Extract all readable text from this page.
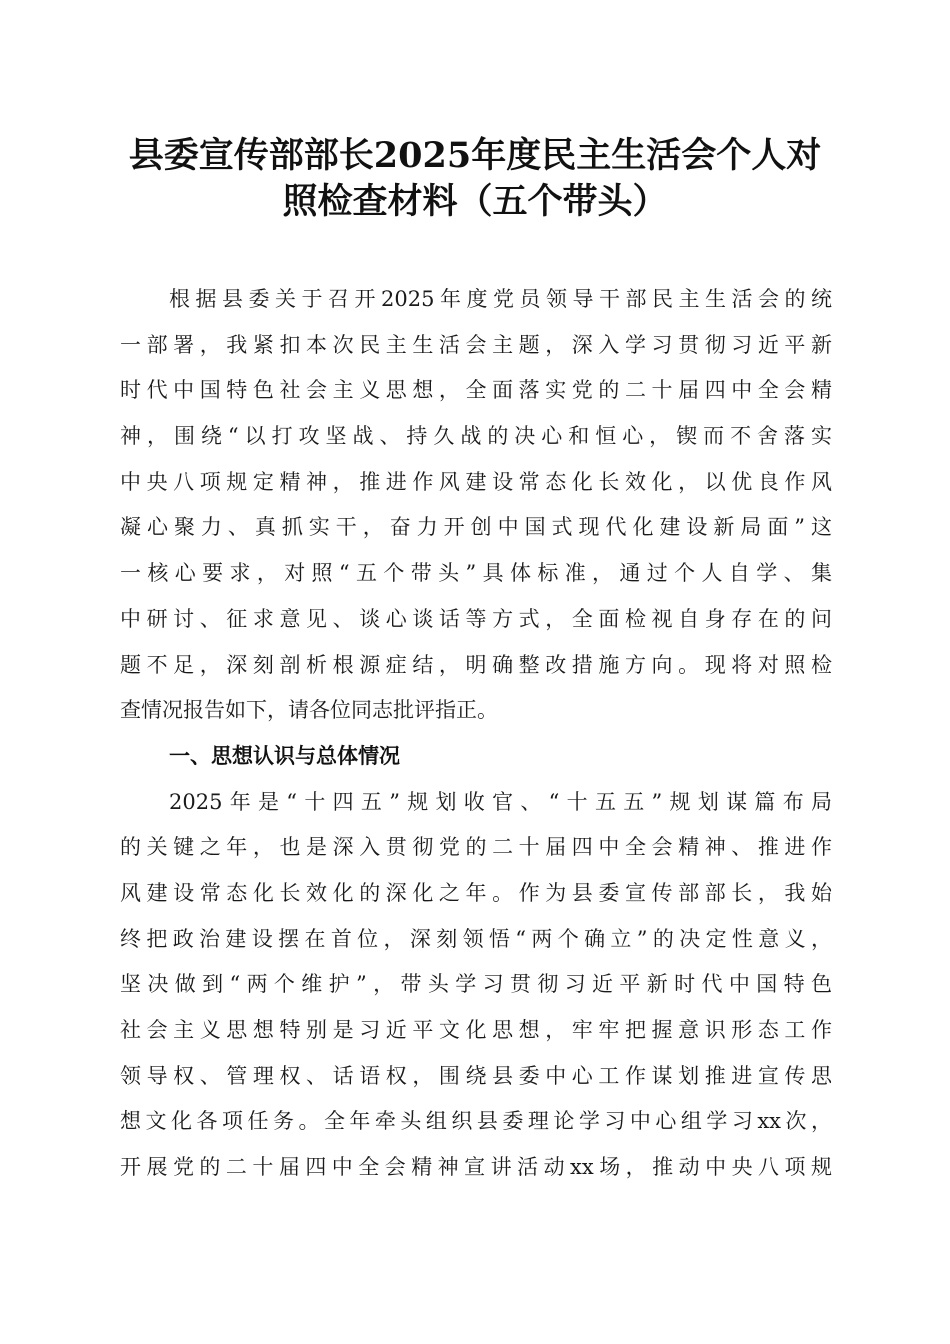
县委宣传部部长2025年度民主生活会个人对
照检查材料（五个带头）
根据县委关于召开2025年度党员领导干部民主生活会的统
一部署，我紧扣本次民主生活会主题，深入学习贯彻习近平新
时代中国特色社会主义思想，全面落实党的二十届四中全会精
神，围绕“以打攻坚战、持久战的决心和恒心，锲而不舍落实
中央八项规定精神，推进作风建设常态化长效化，以优良作风
凝心聚力、真抓实干，奋力开创中国式现代化建设新局面”这
一核心要求，对照“五个带头”具体标准，通过个人自学、集
中研讨、征求意见、谈心谈话等方式，全面检视自身存在的问
题不足，深刻剖析根源症结，明确整改措施方向。现将对照检
查情况报告如下，请各位同志批评指正。
一、思想认识与总体情况
2025年是“十四五”规划收官、“十五五”规划谋篇布局
的关键之年，也是深入贯彻党的二十届四中全会精神、推进作
风建设常态化长效化的深化之年。作为县委宣传部部长，我始
终把政治建设摆在首位，深刻领悟“两个确立”的决定性意义，
坚决做到“两个维护”，带头学习贯彻习近平新时代中国特色
社会主义思想特别是习近平文化思想，牢牢把握意识形态工作
领导权、管理权、话语权，围绕县委中心工作谋划推进宣传思
想文化各项任务。全年牵头组织县委理论学习中心组学习xx次，
开展党的二十届四中全会精神宣讲活动xx场，推动中央八项规
